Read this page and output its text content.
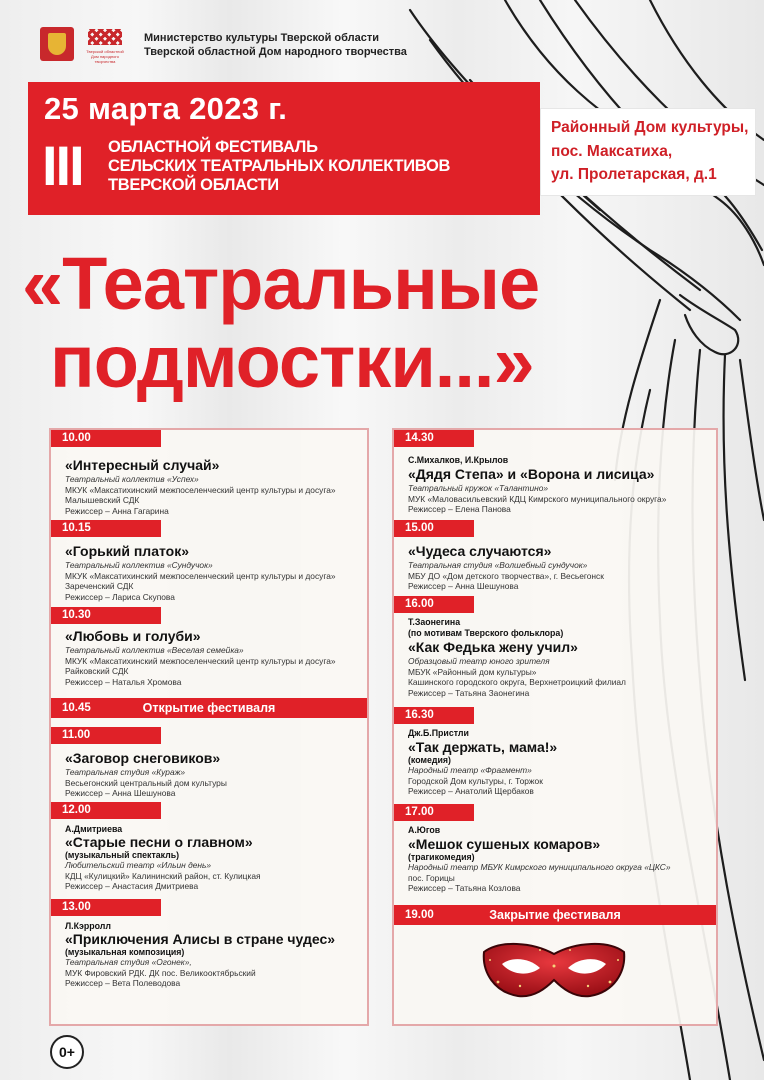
Тверской областной Дом народного творчества
Министерство культуры Тверской области
Тверской областной Дом народного творчества
25 марта 2023 г.
III ОБЛАСТНОЙ ФЕСТИВАЛЬ
СЕЛЬСКИХ ТЕАТРАЛЬНЫХ КОЛЛЕКТИВОВ
ТВЕРСКОЙ ОБЛАСТИ
Районный Дом культуры,
пос. Максатиха,
ул. Пролетарская, д.1
«Театральные
подмостки...»
10.00
«Интересный случай»
Театральный коллектив «Успех»
МКУК «Максатихинский межпоселенческий центр культуры и досуга»
Малышевский СДК
Режиссер – Анна Гагарина
10.15
«Горький платок»
Театральный коллектив «Сундучок»
МКУК «Максатихинский межпоселенческий центр культуры и досуга»
Зареченский СДК
Режиссер – Лариса Скупова
10.30
«Любовь и голуби»
Театральный коллектив «Веселая семейка»
МКУК «Максатихинский межпоселенческий центр культуры и досуга»
Райковский СДК
Режиссер – Наталья Хромова
10.45	Открытие фестиваля
11.00
«Заговор снеговиков»
Театральная студия «Кураж»
Весьегонский центральный дом культуры
Режиссер – Анна Шешунова
12.00
А.Дмитриева
«Старые песни о главном»
(музыкальный спектакль)
Любительский театр «Ильин день»
КДЦ «Кулицкий» Калининский район, ст. Кулицкая
Режиссер – Анастасия Дмитриева
13.00
Л.Кэрролл
«Приключения Алисы в стране чудес»
(музыкальная композиция)
Театральная студия «Огонек»,
МУК Фировский РДК. ДК пос. Великооктябрьский
Режиссер – Вета Полеводова
14.30
С.Михалков, И.Крылов
«Дядя Степа» и «Ворона и лисица»
Театральный кружок «Талантино»
МУК «Маловасильевский КДЦ Кимрского муниципального округа»
Режиссер – Елена Панова
15.00
«Чудеса случаются»
Театральная студия «Волшебный сундучок»
МБУ ДО «Дом детского творчества», г. Весьегонск
Режиссер – Анна Шешунова
16.00
Т.Заонегина
(по мотивам Тверского фольклора)
«Как Федька жену учил»
Образцовый театр юного зрителя
МБУК «Районный дом культуры»
Кашинского городского округа, Верхнетроицкий филиал
Режиссер – Татьяна Заонегина
16.30
Дж.Б.Пристли
«Так держать, мама!»
(комедия)
Народный театр «Фрагмент»
Городской Дом культуры, г. Торжок
Режиссер – Анатолий Щербаков
17.00
А.Югов
«Мешок сушеных комаров»
(трагикомедия)
Народный театр МБУК Кимрского муниципального округа «ЦКС»
пос. Горицы
Режиссер – Татьяна Козлова
19.00	Закрытие фестиваля
0+
